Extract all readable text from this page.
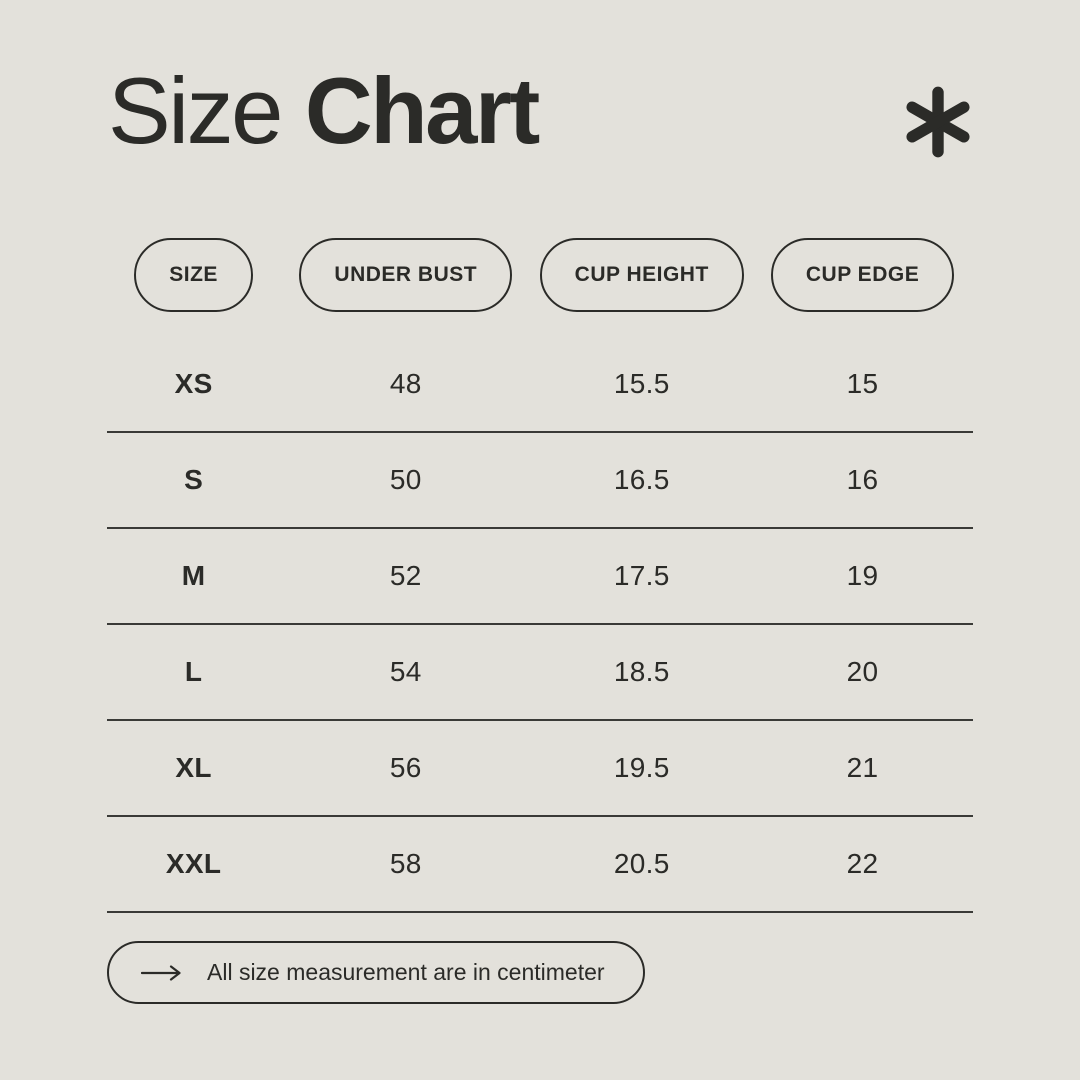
Size Chart
SIZE	UNDER BUST	CUP HEIGHT	CUP EDGE
XS	48	15.5	15
S	50	16.5	16
M	52	17.5	19
L	54	18.5	20
XL	56	19.5	21
XXL	58	20.5	22
All size measurement are in centimeter
